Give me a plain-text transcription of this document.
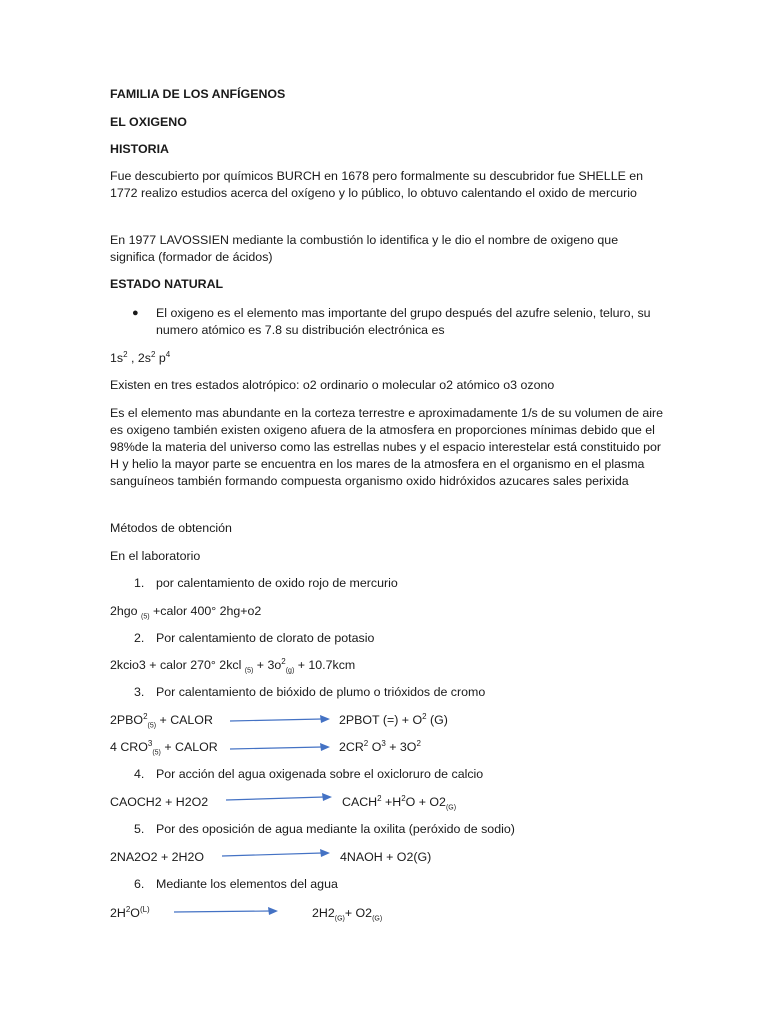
FAMILIA DE LOS ANFÍGENOS
EL OXIGENO
HISTORIA
Fue descubierto por químicos BURCH en 1678 pero formalmente su descubridor fue SHELLE en 1772 realizo estudios acerca del oxígeno y lo público, lo obtuvo calentando el oxido de mercurio
En 1977 LAVOSSIEN mediante la combustión lo identifica y le dio el nombre de oxigeno que significa (formador de ácidos)
ESTADO NATURAL
● El oxigeno es el elemento mas importante del grupo después del azufre selenio, teluro, su numero atómico es 7.8 su distribución electrónica es
$1s^2$ , $2s^2$ $p^4$
Existen en tres estados alotrópico: o2 ordinario o molecular o2 atómico o3 ozono
Es el elemento mas abundante en la corteza terrestre e aproximadamente 1/s de su volumen de aire es oxigeno también existen oxigeno afuera de la atmosfera en proporciones mínimas debido que el 98%de la materia del universo como las estrellas nubes y el espacio interestelar está constituido por H y helio la mayor parte se encuentra en los mares de la atmosfera en el organismo en el plasma sanguíneos también formando compuesta organismo oxido hidróxidos azucares sales perixida
Métodos de obtención
En el laboratorio
1. por calentamiento de oxido rojo de mercurio
2hgo $_{(5)}$ +calor 400° 2hg+o2
2. Por calentamiento de clorato de potasio
2kcio3 + calor 270° 2kcl $_{(5)} + 3o^2_{(g)} + 10.7kcm$
3. Por calentamiento de bióxido de plumo o trióxidos de cromo
$2PBO^2_{(5)}$ + CALOR	2PBOT (=) + $O^2$ (G)
4 $CRO^3_{(5)}$ + CALOR	$2CR^2$ $O^3 + 3O^2$
4. Por acción del agua oxigenada sobre el oxicloruro de calcio
CAOCH2 + H2O2	$CACH^2 +H^2O + O2_{(G)}$
5. Por des oposición de agua mediante la oxilita (peróxido de sodio)
2NA2O2 + 2H2O	4NAOH + O2(G)
6. Mediante los elementos del agua
$2H^2O^{(L)}$	$2H2_{(G)}+ O2_{(G)}$
